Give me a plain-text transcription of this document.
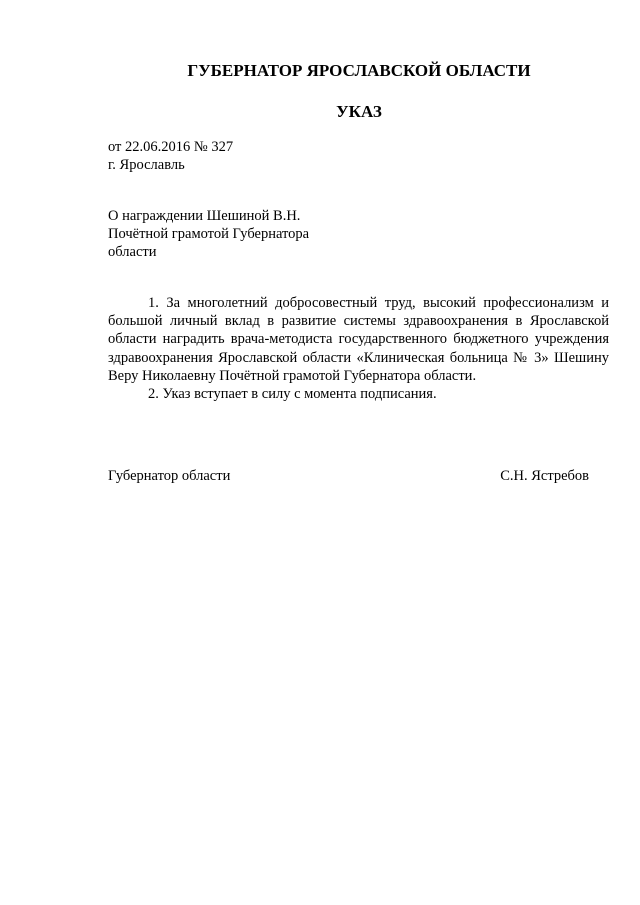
ГУБЕРНАТОР ЯРОСЛАВСКОЙ ОБЛАСТИ
УКАЗ
от 22.06.2016 № 327
г. Ярославль
О награждении Шешиной В.Н.
Почётной грамотой Губернатора
области

1. За многолетний добросовестный труд, высокий профессионализм и большой личный вклад в развитие системы здравоохранения в Ярославской области наградить врача-методиста государственного бюджетного учреждения здравоохранения Ярославской области «Клиническая больница № 3» Шешину Веру Николаевну Почётной грамотой Губернатора области.

2. Указ вступает в силу с момента подписания.

Губернатор области	С.Н. Ястребов
